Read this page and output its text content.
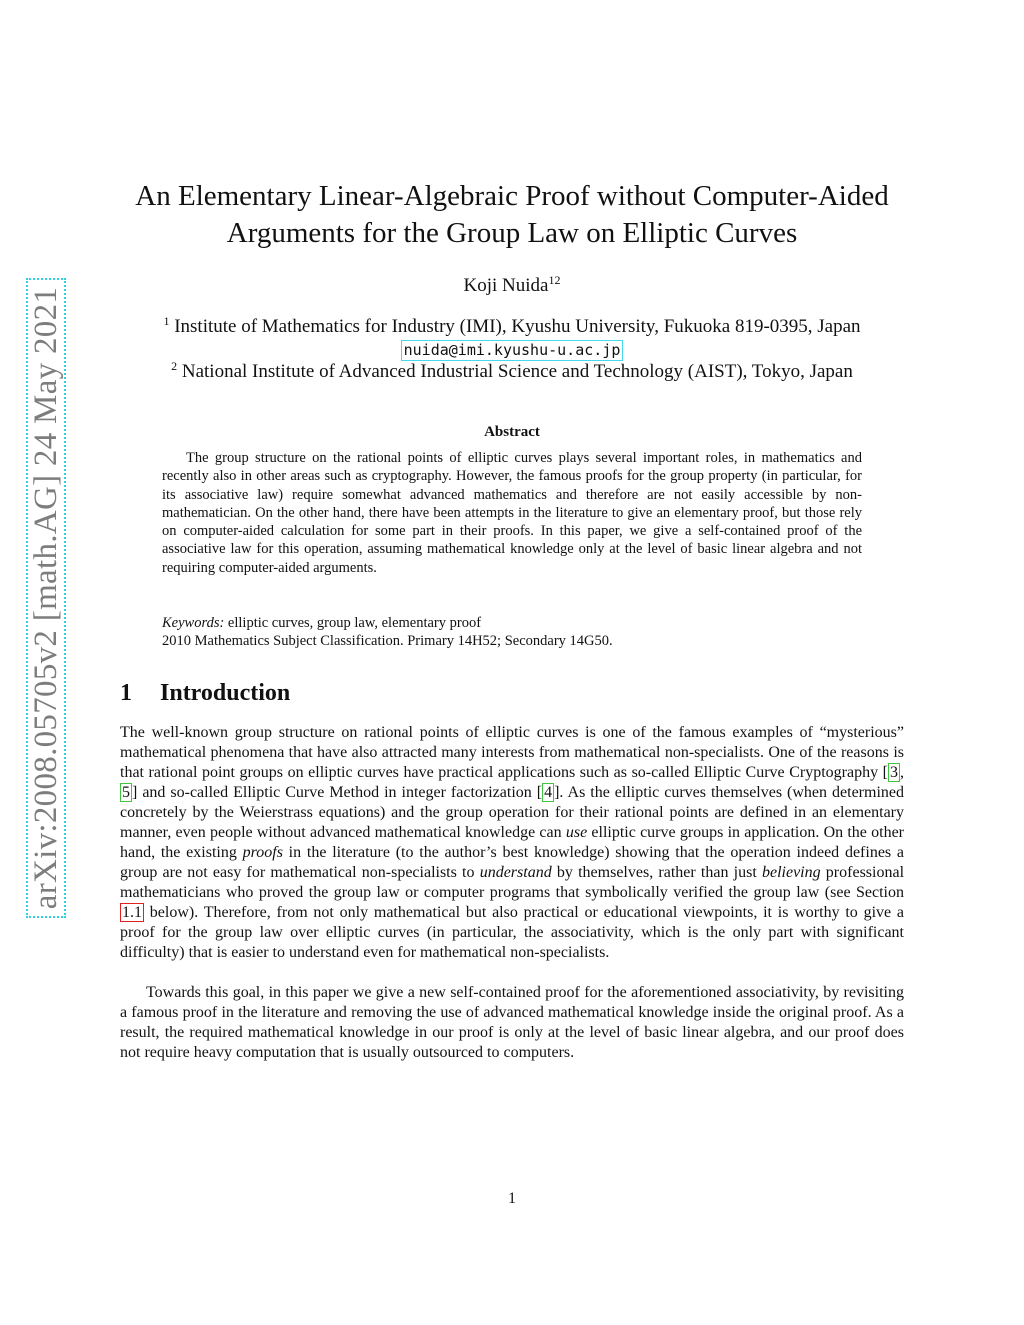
arXiv:2008.05705v2 [math.AG] 24 May 2021
An Elementary Linear-Algebraic Proof without Computer-Aided
Arguments for the Group Law on Elliptic Curves
Koji Nuida$^{12}$
$^1$ Institute of Mathematics for Industry (IMI), Kyushu University, Fukuoka 819-0395, Japan
nuida@imi.kyushu-u.ac.jp
$^2$ National Institute of Advanced Industrial Science and Technology (AIST), Tokyo, Japan
Abstract

The group structure on the rational points of elliptic curves plays several important roles, in mathematics and recently also in other areas such as cryptography. However, the famous proofs for the group property (in particular, for its associative law) require somewhat advanced mathematics and therefore are not easily accessible by non-mathematician. On the other hand, there have been attempts in the literature to give an elementary proof, but those rely on computer-aided calculation for some part in their proofs. In this paper, we give a self-contained proof of the associative law for this operation, assuming mathematical knowledge only at the level of basic linear algebra and not requiring computer-aided arguments.

Keywords: elliptic curves, group law, elementary proof
2010 Mathematics Subject Classification. Primary 14H52; Secondary 14G50.
1 Introduction

The well-known group structure on rational points of elliptic curves is one of the famous examples of “mysterious” mathematical phenomena that have also attracted many interests from mathematical non-specialists. One of the reasons is that rational point groups on elliptic curves have practical applications such as so-called Elliptic Curve Cryptography [ 3 , 5 ] and so-called Elliptic Curve Method in integer factorization [ 4 ]. As the elliptic curves themselves (when determined concretely by the Weierstrass equations) and the group operation for their rational points are defined in an elementary manner, even people without advanced mathematical knowledge can use elliptic curve groups in application. On the other hand, the existing proofs in the literature (to the author’s best knowledge) showing that the operation indeed defines a group are not easy for mathematical non-specialists to understand by themselves, rather than just believing professional mathematicians who proved the group law or computer programs that symbolically verified the group law (see Section 1.1 below). Therefore, from not only mathematical but also practical or educational viewpoints, it is worthy to give a proof for the group law over elliptic curves (in particular, the associativity, which is the only part with significant difficulty) that is easier to understand even for mathematical non-specialists.

Towards this goal, in this paper we give a new self-contained proof for the aforementioned associativity, by revisiting a famous proof in the literature and removing the use of advanced mathematical knowledge inside the original proof. As a result, the required mathematical knowledge in our proof is only at the level of basic linear algebra, and our proof does not require heavy computation that is usually outsourced to computers.

1
